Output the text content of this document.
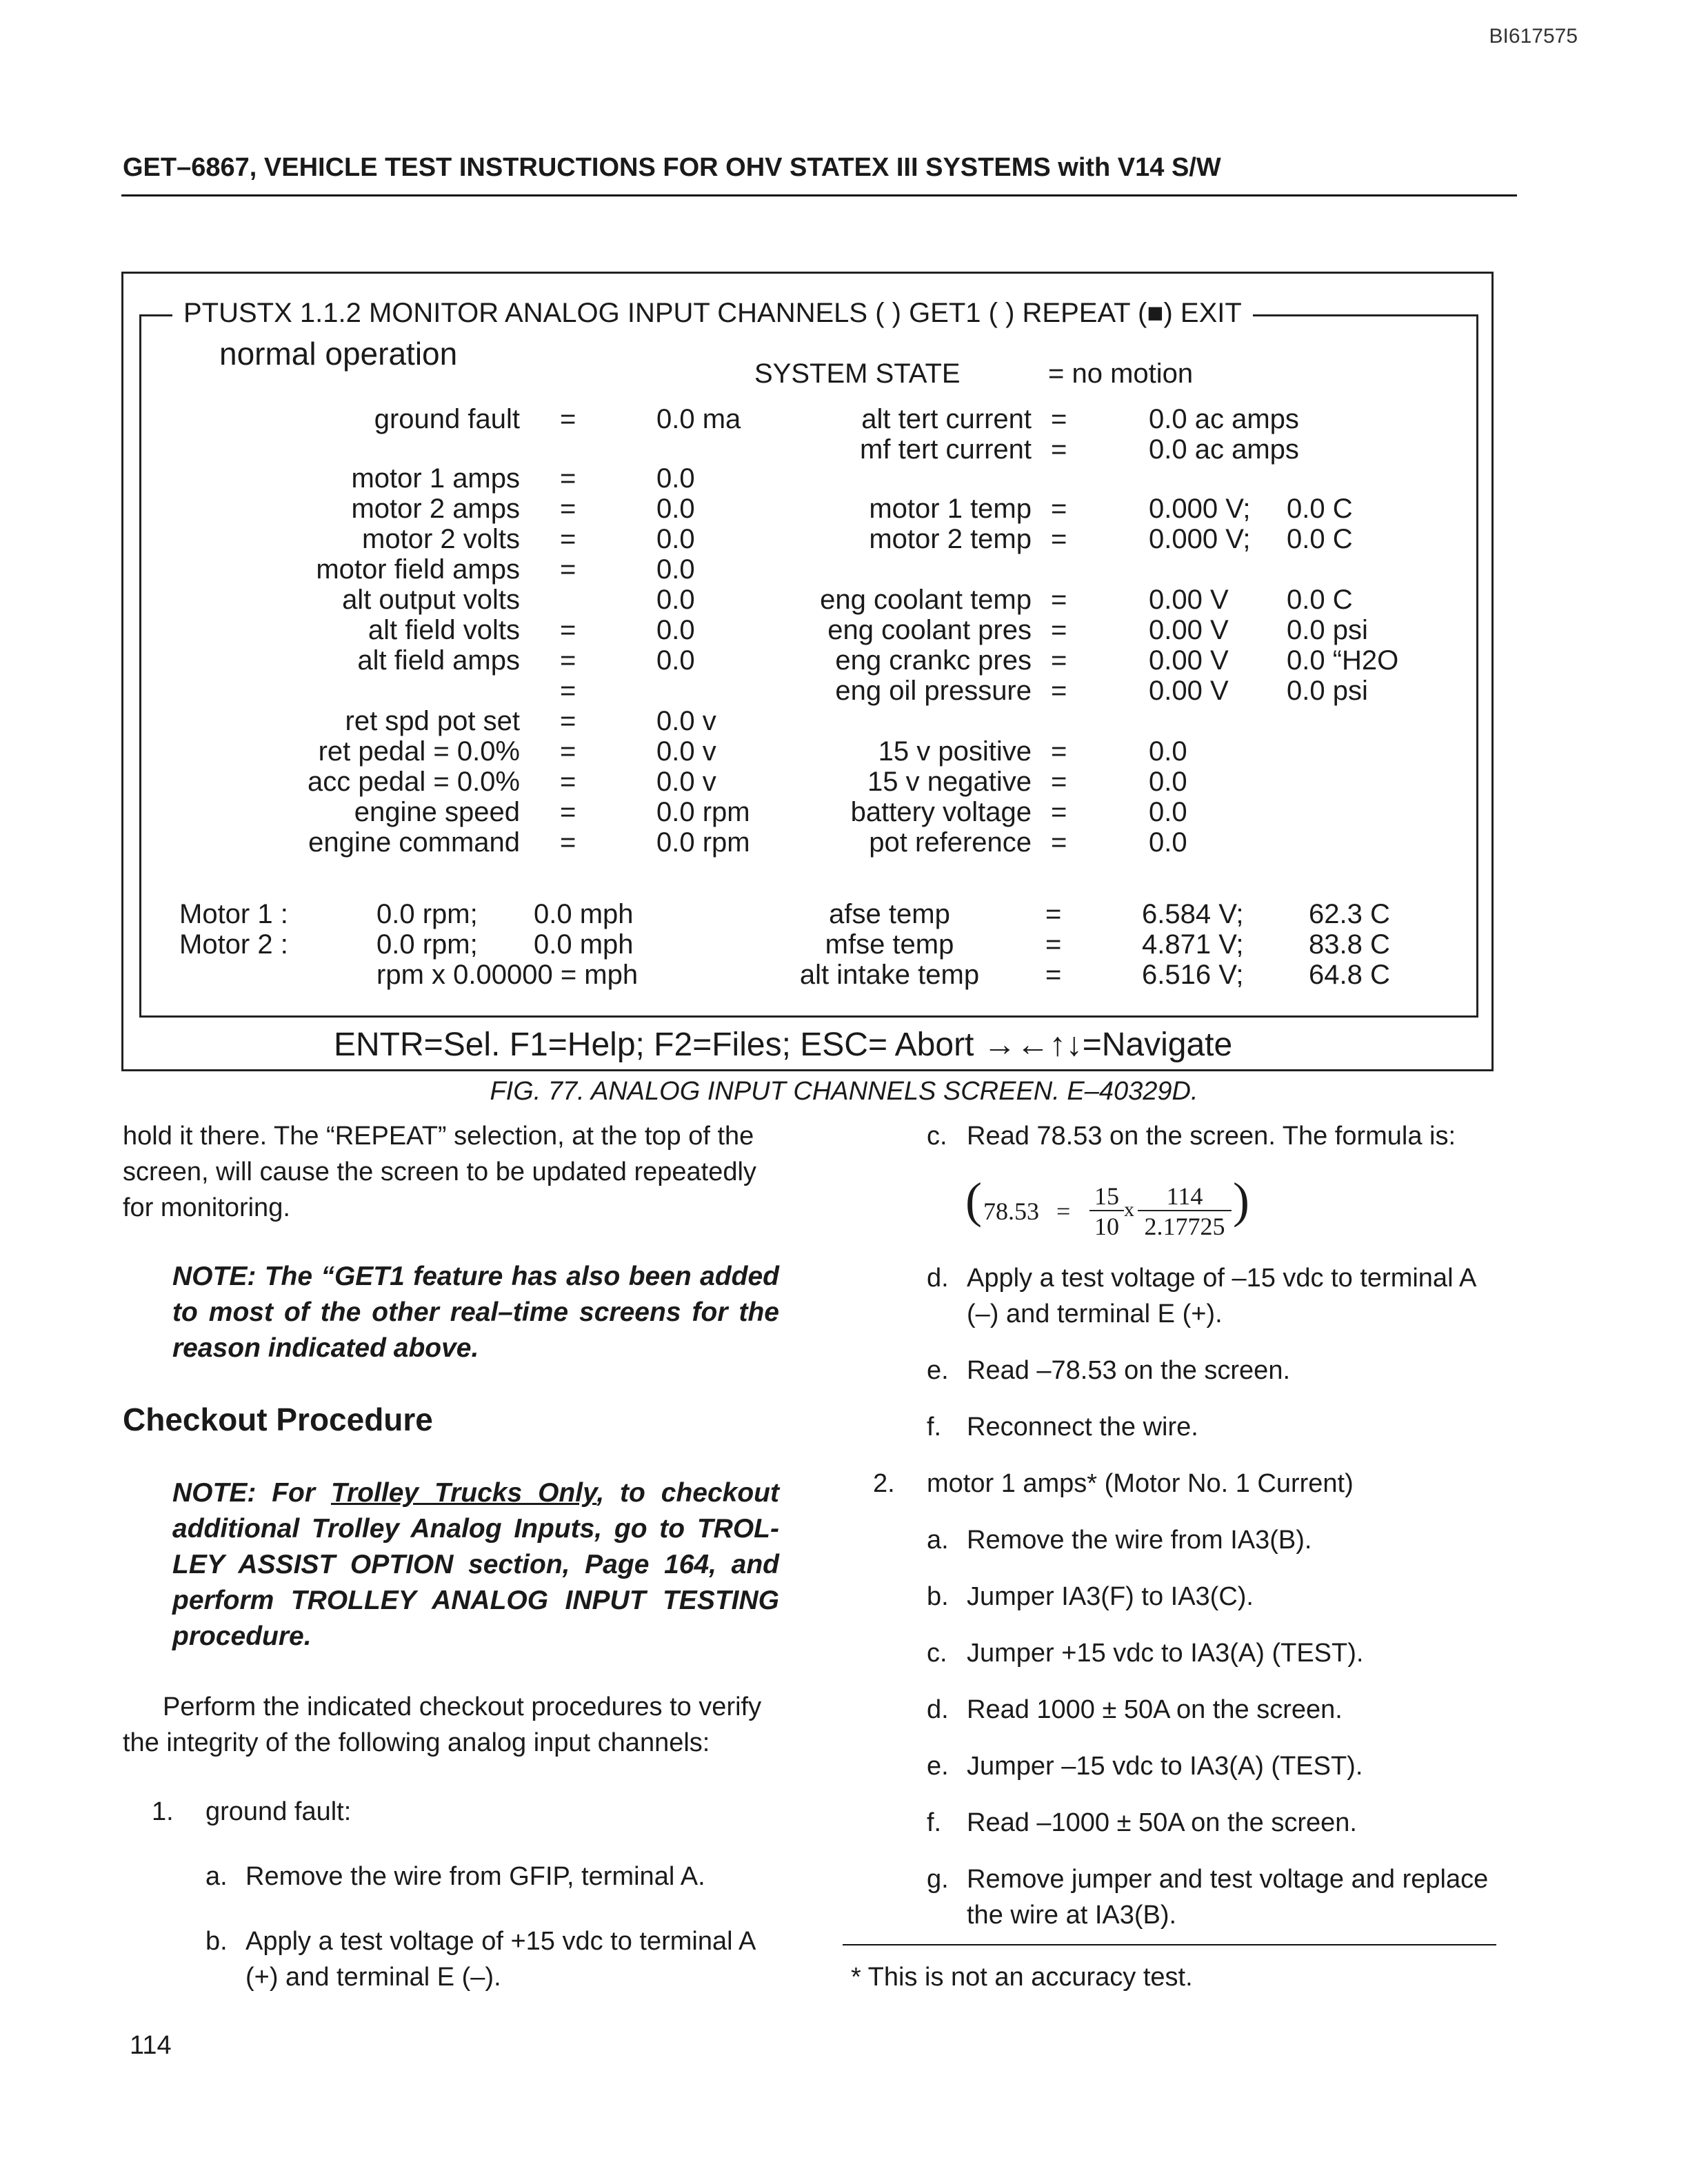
BI617575
GET–6867, VEHICLE TEST INSTRUCTIONS FOR OHV STATEX III SYSTEMS with V14 S/W
PTUSTX 1.1.2 MONITOR ANALOG INPUT CHANNELS ( ) GET1 ( ) REPEAT (■) EXIT
normal operation
SYSTEM STATE	= no motion
ground fault =	0.0 ma
motor 1 amps =	0.0
motor 2 amps =	0.0
motor 2 volts =	0.0
motor field amps =	0.0
alt output volts	0.0
alt field volts =	0.0
alt field amps =	0.0
=
ret spd pot set =	0.0 v
ret pedal = 0.0% =	0.0 v
acc pedal = 0.0% =	0.0 v
engine speed =	0.0 rpm
engine command =	0.0 rpm
alt tert current =	0.0 ac amps
mf tert current =	0.0 ac amps
motor 1 temp =	0.000 V; 0.0 C
motor 2 temp =	0.000 V; 0.0 C
eng coolant temp =	0.00 V 0.0 C
eng coolant pres =	0.00 V 0.0 psi
eng crankc pres =	0.00 V 0.0 “H2O
eng oil pressure =	0.00 V 0.0 psi
15 v positive =	0.0
15 v negative =	0.0
battery voltage =	0.0
pot reference =	0.0
Motor 1 :	0.0 rpm; 0.0 mph
Motor 2 :	0.0 rpm; 0.0 mph
rpm x 0.00000 = mph
afse temp	=	6.584 V; 62.3 C
mfse temp	=	4.871 V; 83.8 C
alt intake temp	=	6.516 V; 64.8 C
ENTR=Sel. F1=Help; F2=Files; ESC= Abort →←↑↓=Navigate
FIG. 77. ANALOG INPUT CHANNELS SCREEN. E–40329D.
hold it there. The “REPEAT” selection, at the top of the screen, will cause the screen to be updated repeatedly for monitoring.
NOTE: The “GET1 feature has also been added to most of the other real–time screens for the reason indicated above.
Checkout Procedure
NOTE: For Trolley Trucks Only, to checkout additional Trolley Analog Inputs, go to TROL-LEY ASSIST OPTION section, Page 164, and perform TROLLEY ANALOG INPUT TESTING procedure.
Perform the indicated checkout procedures to verify the integrity of the following analog input channels:
1. ground fault:
a. Remove the wire from GFIP, terminal A.
b. Apply a test voltage of +15 vdc to terminal A (+) and terminal E (–).
c. Read 78.53 on the screen. The formula is:
( 78.53 =
15
10
x	114
2.17725 )
d. Apply a test voltage of –15 vdc to terminal A (–) and terminal E (+).
e. Read –78.53 on the screen.
f. Reconnect the wire.
2. motor 1 amps* (Motor No. 1 Current)
a. Remove the wire from IA3(B).
b. Jumper IA3(F) to IA3(C).
c. Jumper +15 vdc to IA3(A) (TEST).
d. Read 1000 ± 50A on the screen.
e. Jumper –15 vdc to IA3(A) (TEST).
f. Read –1000 ± 50A on the screen.
g. Remove jumper and test voltage and replace the wire at IA3(B).
* This is not an accuracy test.
114
